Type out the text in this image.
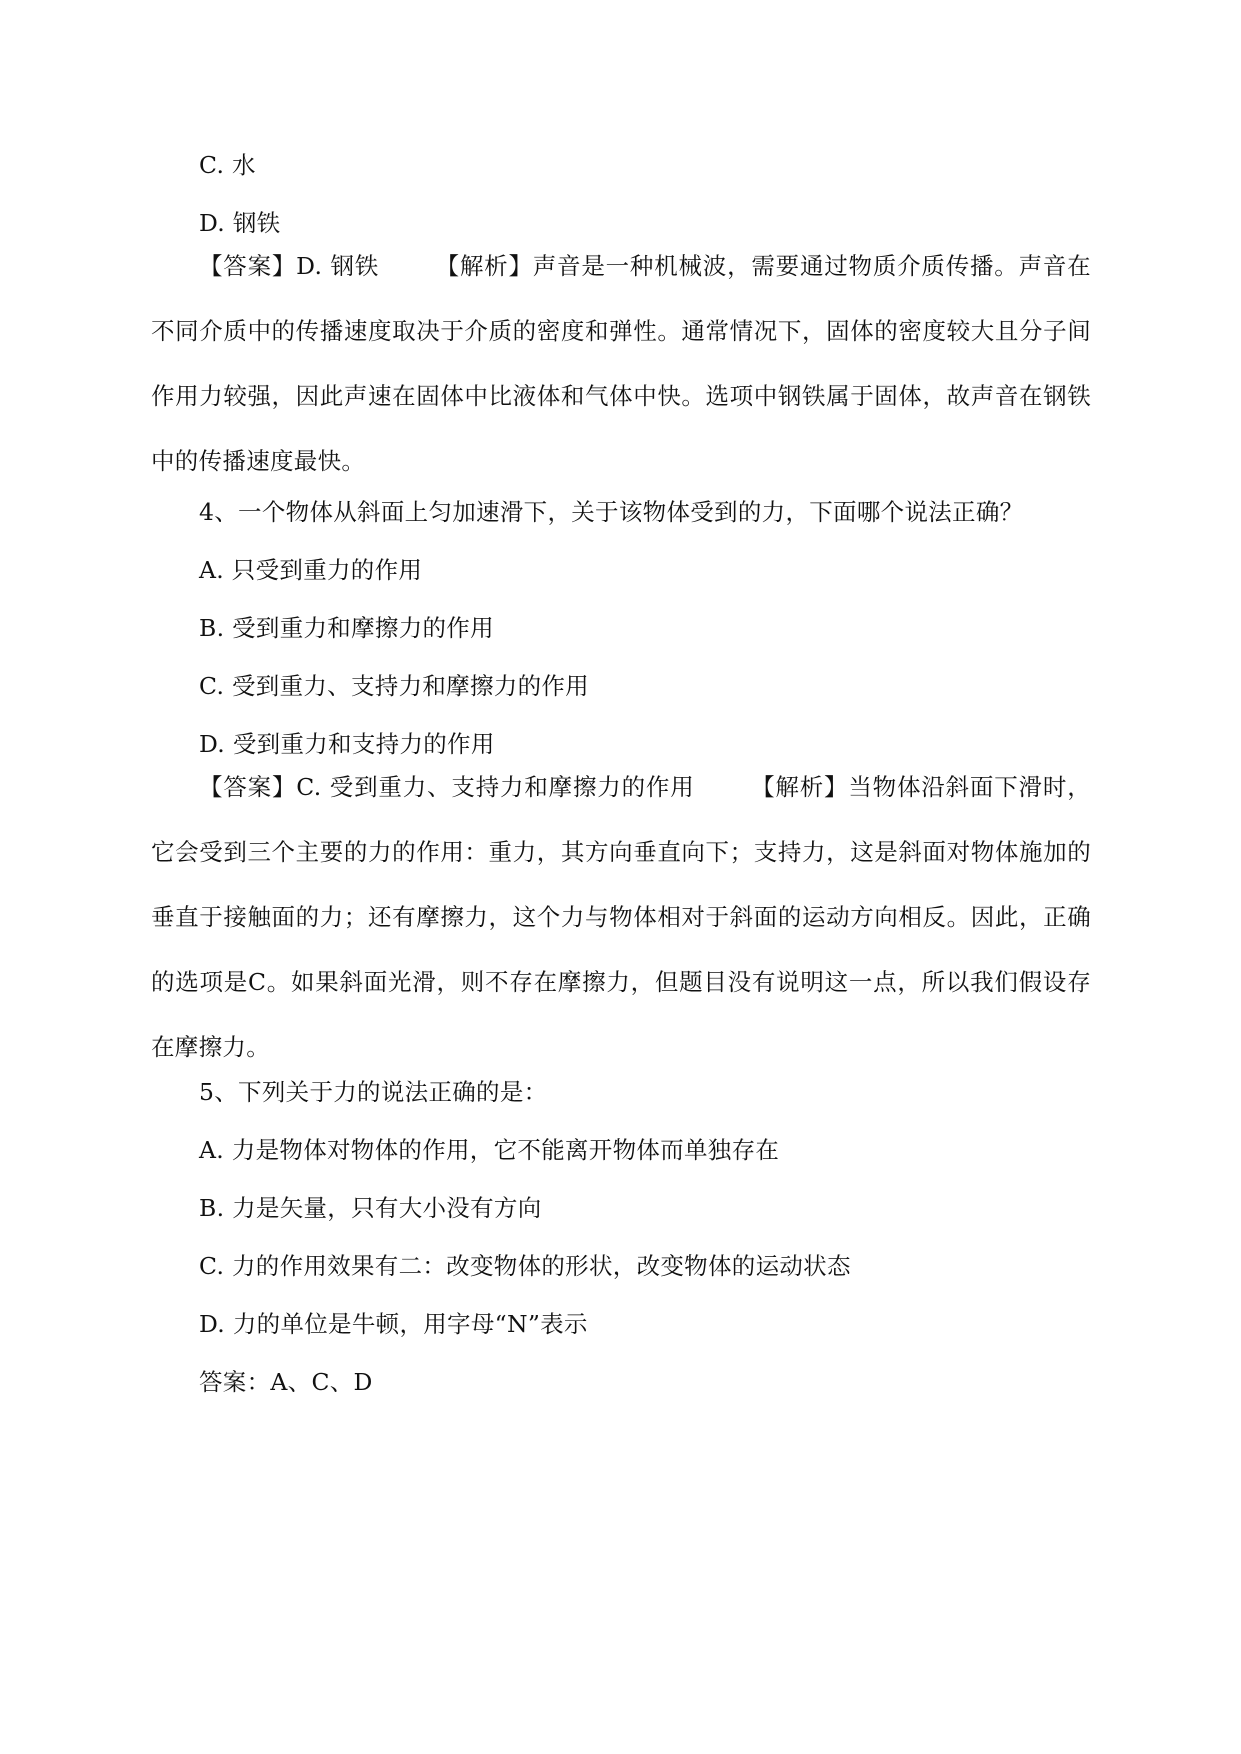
C. 水
D. 钢铁
【答案】D. 钢铁 【解析】声音是一种机械波，需要通过物质介质传播。声音在不同介质中的传播速度取决于介质的密度和弹性。通常情况下，固体的密度较大且分子间作用力较强，因此声速在固体中比液体和气体中快。选项中钢铁属于固体，故声音在钢铁中的传播速度最快。
4、一个物体从斜面上匀加速滑下，关于该物体受到的力，下面哪个说法正确？
A. 只受到重力的作用
B. 受到重力和摩擦力的作用
C. 受到重力、支持力和摩擦力的作用
D. 受到重力和支持力的作用
【答案】C. 受到重力、支持力和摩擦力的作用 【解析】当物体沿斜面下滑时，它会受到三个主要的力的作用：重力，其方向垂直向下；支持力，这是斜面对物体施加的垂直于接触面的力；还有摩擦力，这个力与物体相对于斜面的运动方向相反。因此，正确的选项是C。如果斜面光滑，则不存在摩擦力，但题目没有说明这一点，所以我们假设存在摩擦力。
5、下列关于力的说法正确的是：
A. 力是物体对物体的作用，它不能离开物体而单独存在
B. 力是矢量，只有大小没有方向
C. 力的作用效果有二：改变物体的形状，改变物体的运动状态
D. 力的单位是牛顿，用字母“N”表示
答案：A、C、D
